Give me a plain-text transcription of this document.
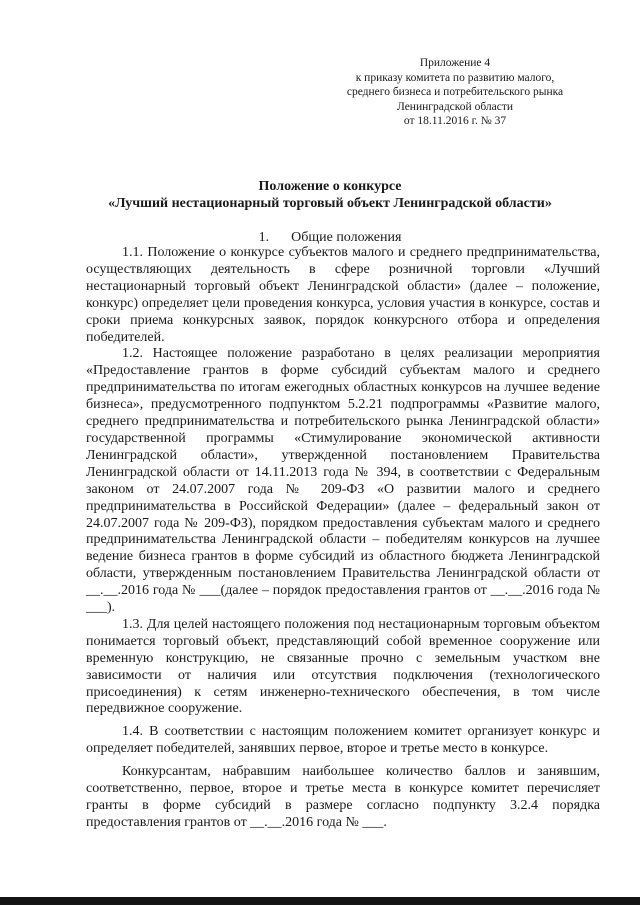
Приложение 4
к приказу комитета по развитию малого,
среднего бизнеса и потребительского рынка
Ленинградской области
от 18.11.2016 г. № 37
Положение о конкурсе
«Лучший нестационарный торговый объект Ленинградской области»
1. Общие положения

1.1. Положение о конкурсе субъектов малого и среднего предпринимательства, осуществляющих деятельность в сфере розничной торговли «Лучший нестационарный торговый объект Ленинградской области» (далее – положение, конкурс) определяет цели проведения конкурса, условия участия в конкурсе, состав и сроки приема конкурсных заявок, порядок конкурсного отбора и определения победителей.

1.2. Настоящее положение разработано в целях реализации мероприятия «Предоставление грантов в форме субсидий субъектам малого и среднего предпринимательства по итогам ежегодных областных конкурсов на лучшее ведение бизнеса», предусмотренного подпунктом 5.2.21 подпрограммы «Развитие малого, среднего предпринимательства и потребительского рынка Ленинградской области» государственной программы «Стимулирование экономической активности Ленинградской области», утвержденной постановлением Правительства Ленинградской области от 14.11.2013 года № 394, в соответствии с Федеральным законом от 24.07.2007 года № 209-ФЗ «О развитии малого и среднего предпринимательства в Российской Федерации» (далее – федеральный закон от 24.07.2007 года № 209-ФЗ), порядком предоставления субъектам малого и среднего предпринимательства Ленинградской области – победителям конкурсов на лучшее ведение бизнеса грантов в форме субсидий из областного бюджета Ленинградской области, утвержденным постановлением Правительства Ленинградской области от __.__.2016 года № ___(далее – порядок предоставления грантов от __.__.2016 года № ___).

1.3. Для целей настоящего положения под нестационарным торговым объектом понимается торговый объект, представляющий собой временное сооружение или временную конструкцию, не связанные прочно с земельным участком вне зависимости от наличия или отсутствия подключения (технологического присоединения) к сетям инженерно-технического обеспечения, в том числе передвижное сооружение.

1.4. В соответствии с настоящим положением комитет организует конкурс и определяет победителей, занявших первое, второе и третье место в конкурсе.

Конкурсантам, набравшим наибольшее количество баллов и занявшим, соответственно, первое, второе и третье места в конкурсе комитет перечисляет гранты в форме субсидий в размере согласно подпункту 3.2.4 порядка предоставления грантов от __.__.2016 года № ___.
